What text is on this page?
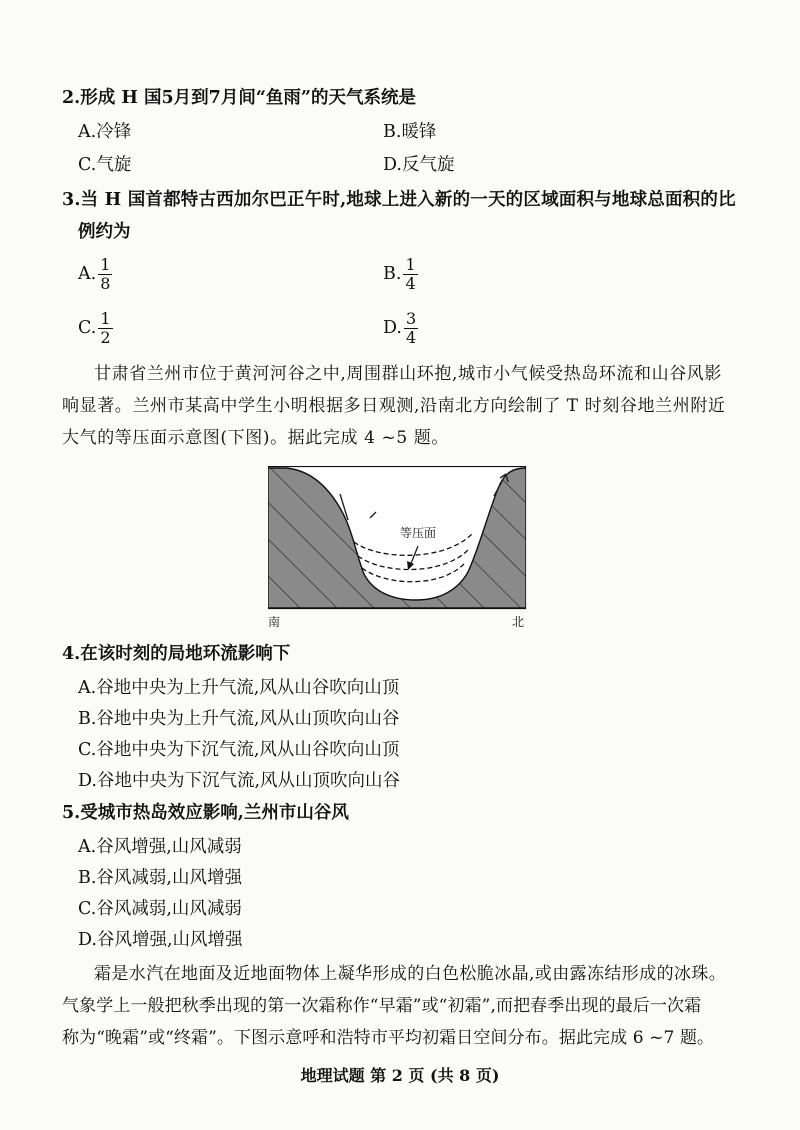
2.形成 H 国5月到7月间“鱼雨”的天气系统是
A.冷锋	B.暖锋
C.气旋	D.反气旋
3.当 H 国首都特古西加尔巴正午时,地球上进入新的一天的区域面积与地球总面积的比
例约为
A. $\frac{1}{8}$	B. $\frac{1}{4}$
C. $\frac{1}{2}$	D. $\frac{3}{4}$
甘肃省兰州市位于黄河河谷之中,周围群山环抱,城市小气候受热岛环流和山谷风影
响显著。兰州市某高中学生小明根据多日观测,沿南北方向绘制了 T 时刻谷地兰州附近
大气的等压面示意图(下图)。据此完成 4 ~5 题。
等压面
南	北
4.在该时刻的局地环流影响下
A.谷地中央为上升气流,风从山谷吹向山顶
B.谷地中央为上升气流,风从山顶吹向山谷
C.谷地中央为下沉气流,风从山谷吹向山顶
D.谷地中央为下沉气流,风从山顶吹向山谷
5.受城市热岛效应影响,兰州市山谷风
A.谷风增强,山风减弱
B.谷风减弱,山风增强
C.谷风减弱,山风减弱
D.谷风增强,山风增强
霜是水汽在地面及近地面物体上凝华形成的白色松脆冰晶,或由露冻结形成的冰珠。
气象学上一般把秋季出现的第一次霜称作“早霜”或“初霜”,而把春季出现的最后一次霜
称为“晚霜”或“终霜”。下图示意呼和浩特市平均初霜日空间分布。据此完成 6 ~7 题。
地理试题 第 2 页 (共 8 页)
